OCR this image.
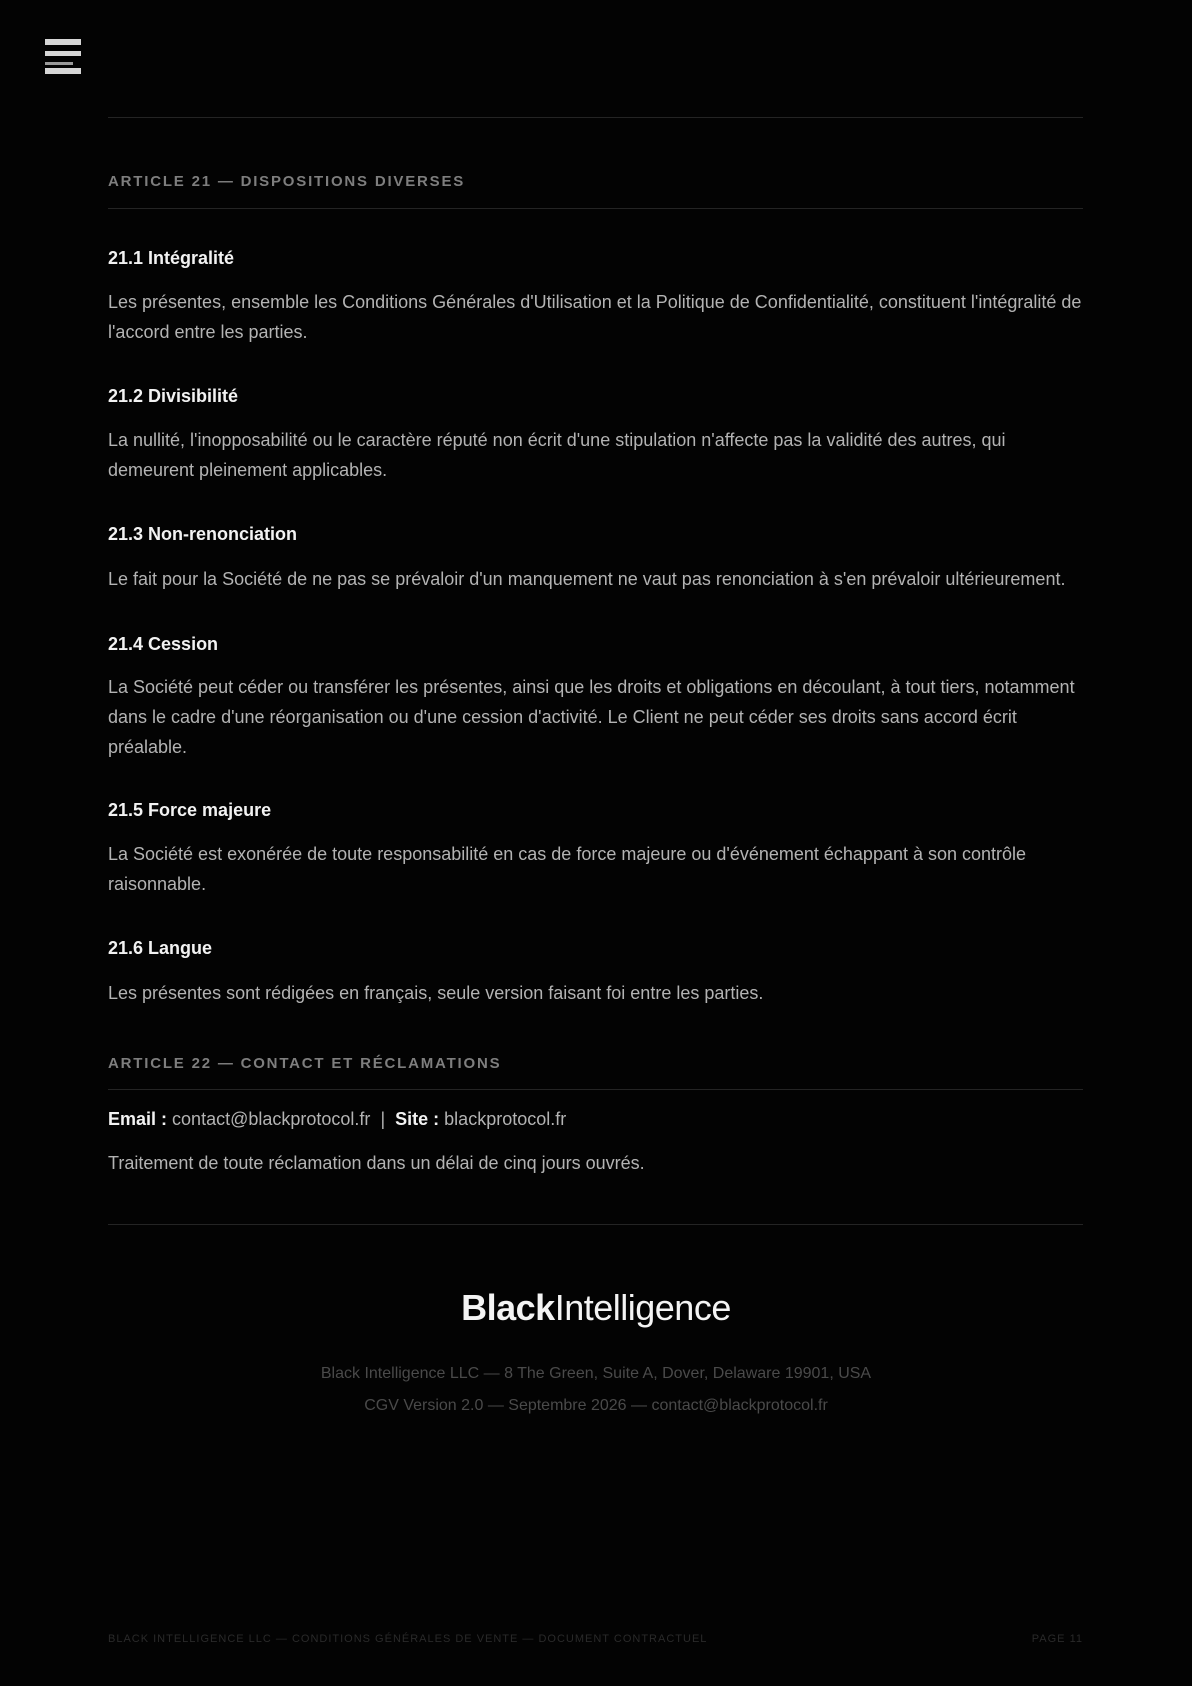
ARTICLE 21 — DISPOSITIONS DIVERSES
21.1 Intégralité
Les présentes, ensemble les Conditions Générales d'Utilisation et la Politique de Confidentialité, constituent l'intégralité de l'accord entre les parties.
21.2 Divisibilité
La nullité, l'inopposabilité ou le caractère réputé non écrit d'une stipulation n'affecte pas la validité des autres, qui demeurent pleinement applicables.
21.3 Non-renonciation
Le fait pour la Société de ne pas se prévaloir d'un manquement ne vaut pas renonciation à s'en prévaloir ultérieurement.
21.4 Cession
La Société peut céder ou transférer les présentes, ainsi que les droits et obligations en découlant, à tout tiers, notamment dans le cadre d'une réorganisation ou d'une cession d'activité. Le Client ne peut céder ses droits sans accord écrit préalable.
21.5 Force majeure
La Société est exonérée de toute responsabilité en cas de force majeure ou d'événement échappant à son contrôle raisonnable.
21.6 Langue
Les présentes sont rédigées en français, seule version faisant foi entre les parties.
ARTICLE 22 — CONTACT ET RÉCLAMATIONS
Email : contact@blackprotocol.fr | Site : blackprotocol.fr
Traitement de toute réclamation dans un délai de cinq jours ouvrés.
BlackIntelligence
Black Intelligence LLC — 8 The Green, Suite A, Dover, Delaware 19901, USA
CGV Version 2.0 — Septembre 2026 — contact@blackprotocol.fr
BLACK INTELLIGENCE LLC — CONDITIONS GÉNÉRALES DE VENTE — DOCUMENT CONTRACTUEL	PAGE 11
